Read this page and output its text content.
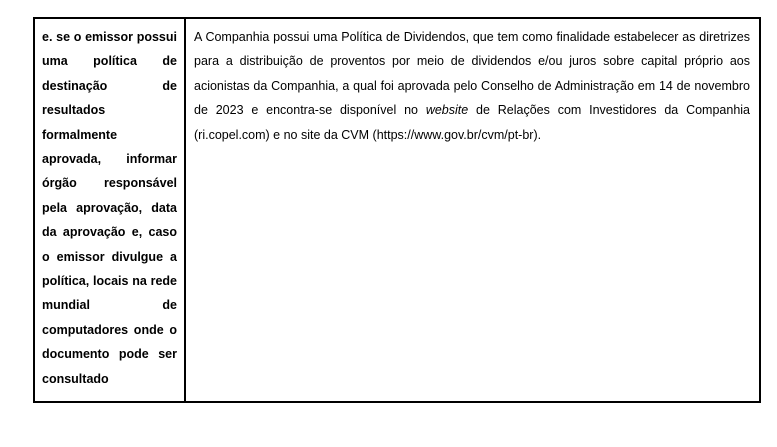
e. se o emissor possui uma política de destinação de resultados formalmente aprovada, informar órgão responsável pela aprovação, data da aprovação e, caso o emissor divulgue a política, locais na rede mundial de computadores onde o documento pode ser consultado

A Companhia possui uma Política de Dividendos, que tem como finalidade estabelecer as diretrizes para a distribuição de proventos por meio de dividendos e/ou juros sobre capital próprio aos acionistas da Companhia, a qual foi aprovada pelo Conselho de Administração em 14 de novembro de 2023 e encontra-se disponível no website de Relações com Investidores da Companhia (ri.copel.com) e no site da CVM (https://www.gov.br/cvm/pt-br).
